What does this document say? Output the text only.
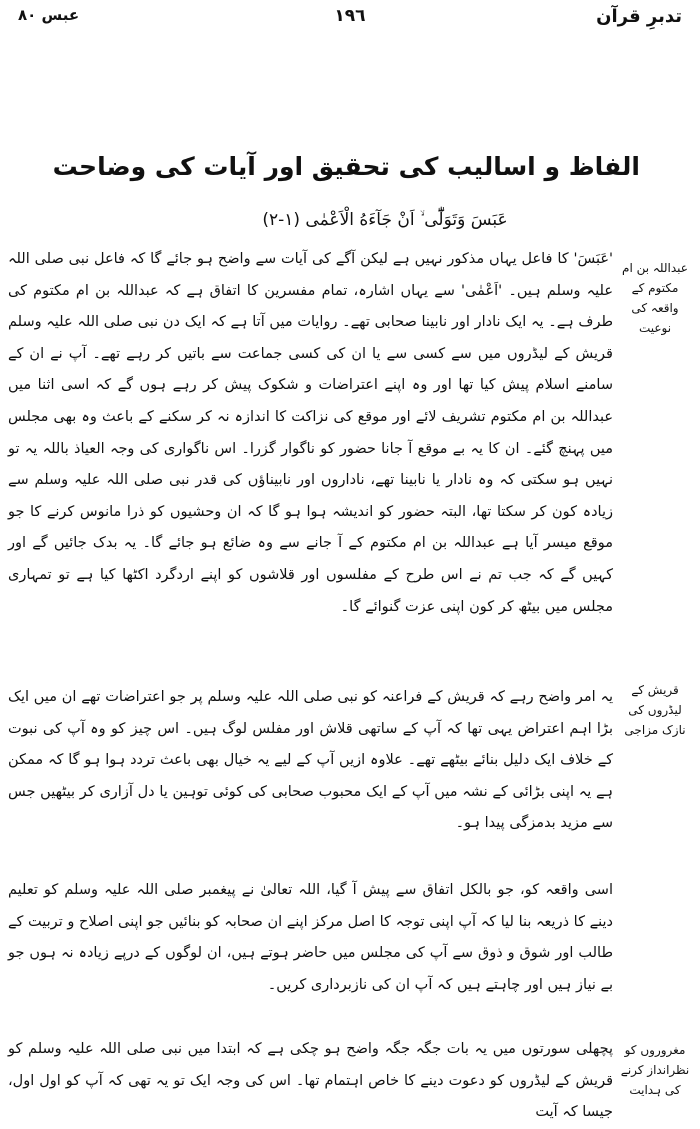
تدبرِ قرآن
١٩٦
عبس ٨٠
الفاظ و اسالیب کی تحقیق اور آیات کی وضاحت
عَبَسَ وَتَوَلّٰٓى ۙ اَنْ جَآءَهُ الْاَعْمٰى (١-٢)

'عَبَسَ' کا فاعل یہاں مذکور نہیں ہے لیکن آگے کی آیات سے واضح ہو جائے گا کہ فاعل نبی صلی اللہ علیہ وسلم ہیں۔ 'اَعْمٰی' سے یہاں اشارہ، تمام مفسرین کا اتفاق ہے کہ عبداللہ بن ام مکتوم کی طرف ہے۔ یہ ایک نادار اور نابینا صحابی تھے۔ روایات میں آتا ہے کہ ایک دن نبی صلی اللہ علیہ وسلم قریش کے لیڈروں میں سے کسی سے یا ان کی کسی جماعت سے باتیں کر رہے تھے۔ آپ نے ان کے سامنے اسلام پیش کیا تھا اور وہ اپنے اعتراضات و شکوک پیش کر رہے ہوں گے کہ اسی اثنا میں عبداللہ بن ام مکتوم تشریف لائے اور موقع کی نزاکت کا اندازہ نہ کر سکنے کے باعث وہ بھی مجلس میں پہنچ گئے۔ ان کا یہ بے موقع آ جانا حضور کو ناگوار گزرا۔ اس ناگواری کی وجہ العیاذ باللہ یہ تو نہیں ہو سکتی کہ وہ نادار یا نابینا تھے، ناداروں اور نابیناؤں کی قدر نبی صلی اللہ علیہ وسلم سے زیادہ کون کر سکتا تھا، البتہ حضور کو اندیشہ ہوا ہو گا کہ ان وحشیوں کو ذرا مانوس کرنے کا جو موقع میسر آیا ہے عبداللہ بن ام مکتوم کے آ جانے سے وہ ضائع ہو جائے گا۔ یہ بدک جائیں گے اور کہیں گے کہ جب تم نے اس طرح کے مفلسوں اور قلاشوں کو اپنے اردگرد اکٹھا کیا ہے تو تمہاری مجلس میں بیٹھ کر کون اپنی عزت گنوائے گا۔

یہ امر واضح رہے کہ قریش کے فراعنہ کو نبی صلی اللہ علیہ وسلم پر جو اعتراضات تھے ان میں ایک بڑا اہم اعتراض یہی تھا کہ آپ کے ساتھی قلاش اور مفلس لوگ ہیں۔ اس چیز کو وہ آپ کی نبوت کے خلاف ایک دلیل بنائے بیٹھے تھے۔ علاوہ ازیں آپ کے لیے یہ خیال بھی باعث تردد ہوا ہو گا کہ ممکن ہے یہ اپنی بڑائی کے نشہ میں آپ کے ایک محبوب صحابی کی کوئی توہین یا دل آزاری کر بیٹھیں جس سے مزید بدمزگی پیدا ہو۔

اسی واقعہ کو، جو بالکل اتفاق سے پیش آ گیا، اللہ تعالیٰ نے پیغمبر صلی اللہ علیہ وسلم کو تعلیم دینے کا ذریعہ بنا لیا کہ آپ اپنی توجہ کا اصل مرکز اپنے ان صحابہ کو بنائیں جو اپنی اصلاح و تربیت کے طالب اور شوق و ذوق سے آپ کی مجلس میں حاضر ہوتے ہیں، ان لوگوں کے درپے زیادہ نہ ہوں جو بے نیاز ہیں اور چاہتے ہیں کہ آپ ان کی نازبرداری کریں۔

پچھلی سورتوں میں یہ بات جگہ جگہ واضح ہو چکی ہے کہ ابتدا میں نبی صلی اللہ علیہ وسلم کو قریش کے لیڈروں کو دعوت دینے کا خاص اہتمام تھا۔ اس کی وجہ ایک تو یہ تھی کہ آپ کو اول اول، جیسا کہ آیت

عبداللہ بن ام مکتوم کے واقعہ کی نوعیت
قریش کے لیڈروں کی نازک مزاجی
مغروروں کو نظرانداز کرنے کی ہدایت
